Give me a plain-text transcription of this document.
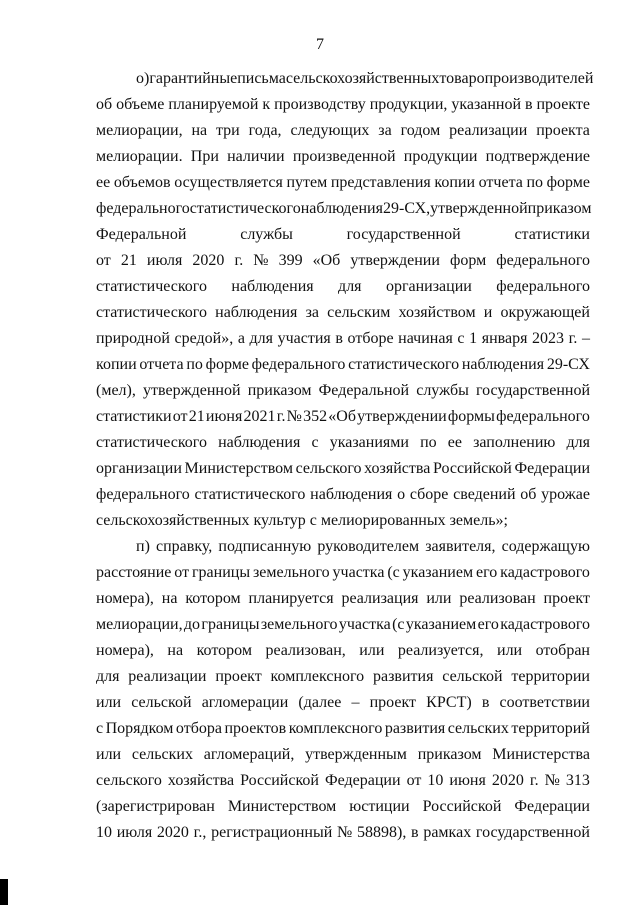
7
о) гарантийные письма сельскохозяйственных товаропроизводителей
об объеме планируемой к производству продукции, указанной в проекте
мелиорации, на три года, следующих за годом реализации проекта
мелиорации. При наличии произведенной продукции подтверждение
ее объемов осуществляется путем представления копии отчета по форме
федерального статистического наблюдения 29-СХ, утвержденной приказом
Федеральной	службы	государственной	статистики
от 21 июля 2020 г. № 399 «Об утверждении форм федерального
статистического наблюдения для организации федерального
статистического наблюдения за сельским хозяйством и окружающей
природной средой», а для участия в отборе начиная с 1 января 2023 г. –
копии отчета по форме федерального статистического наблюдения 29-СХ
(мел), утвержденной приказом Федеральной службы государственной
статистики от 21 июня 2021 г. № 352 «Об утверждении формы федерального
статистического наблюдения с указаниями по ее заполнению для
организации Министерством сельского хозяйства Российской Федерации
федерального статистического наблюдения о сборе сведений об урожае
сельскохозяйственных культур с мелиорированных земель»;
п) справку, подписанную руководителем заявителя, содержащую
расстояние от границы земельного участка (с указанием его кадастрового
номера), на котором планируется реализация или реализован проект
мелиорации, до границы земельного участка (с указанием его кадастрового
номера), на котором реализован, или реализуется, или отобран
для реализации проект комплексного развития сельской территории
или сельской агломерации (далее – проект КРСТ) в соответствии
с Порядком отбора проектов комплексного развития сельских территорий
или сельских агломераций, утвержденным приказом Министерства
сельского хозяйства Российской Федерации от 10 июня 2020 г. № 313
(зарегистрирован Министерством юстиции Российской Федерации
10 июля 2020 г., регистрационный № 58898), в рамках государственной
